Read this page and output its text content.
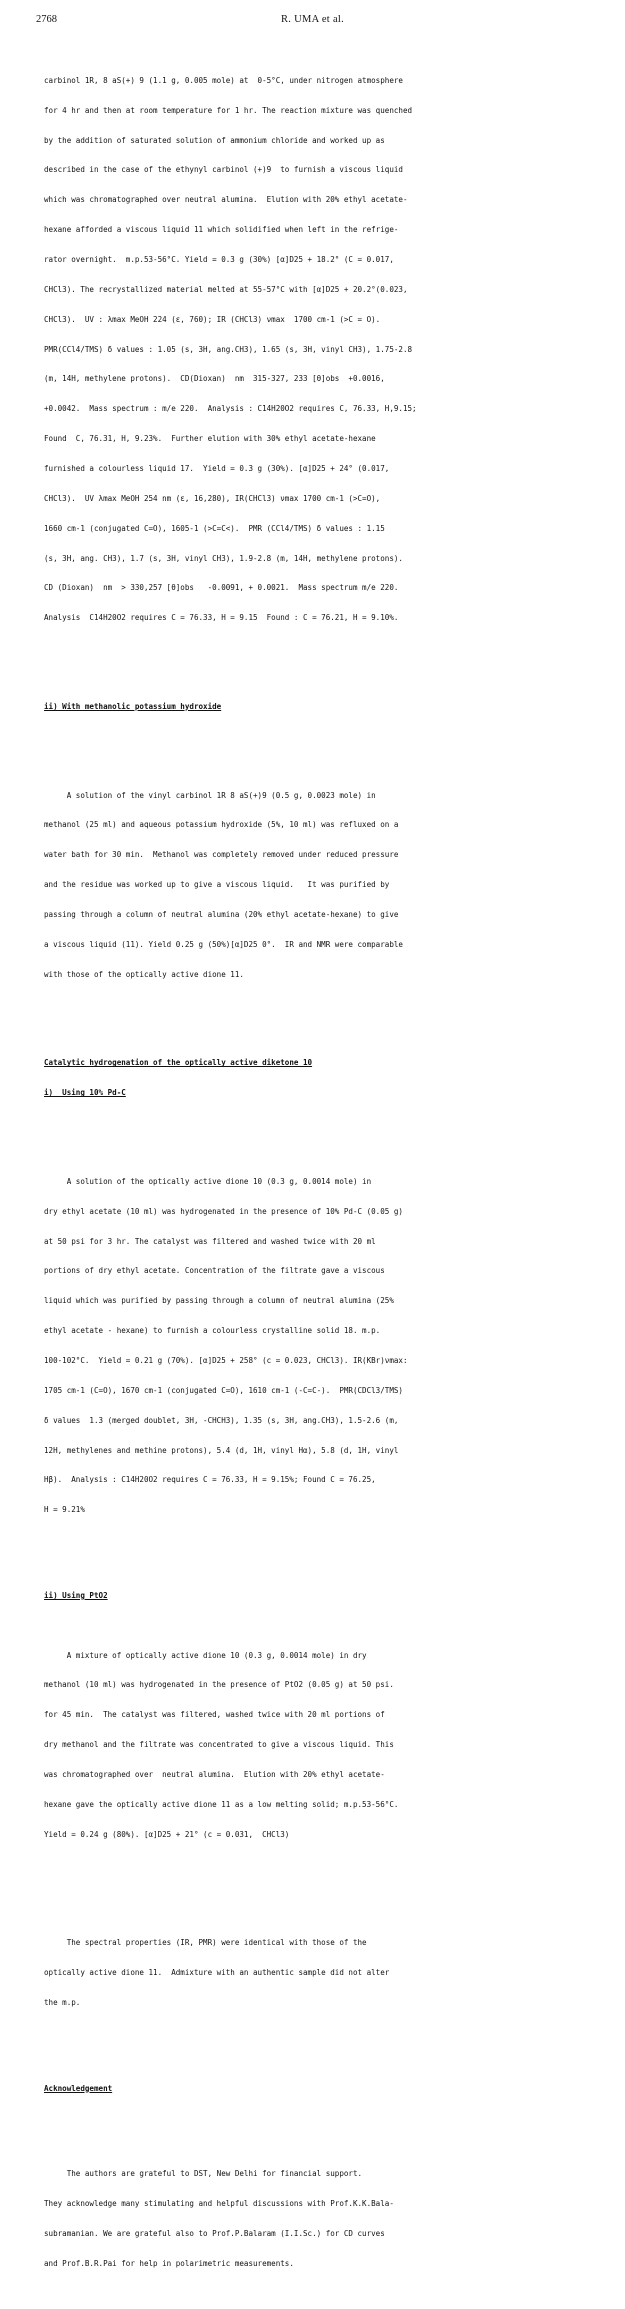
2768	R. UMA et al.

carbinol 1R, 8 aS(+) 9 (1.1 g, 0.005 mole) at  0-5°C, under nitrogen atmosphere

for 4 hr and then at room temperature for 1 hr. The reaction mixture was quenched

by the addition of saturated solution of ammonium chloride and worked up as

described in the case of the ethynyl carbinol (+)9  to furnish a viscous liquid

which was chromatographed over neutral alumina.  Elution with 20% ethyl acetate-

hexane afforded a viscous liquid 11 which solidified when left in the refrige-

rator overnight.  m.p.53-56°C. Yield = 0.3 g (30%) [α]D25 + 18.2° (C = 0.017,

CHCl3). The recrystallized material melted at 55-57°C with [α]D25 + 20.2°(0.023,

CHCl3).  UV : λmax MeOH 224 (ε, 760); IR (CHCl3) νmax  1700 cm-1 (>C = O).

PMR(CCl4/TMS) δ values : 1.05 (s, 3H, ang.CH3), 1.65 (s, 3H, vinyl CH3), 1.75-2.8

(m, 14H, methylene protons).  CD(Dioxan)  nm  315-327, 233 [θ]obs  +0.0016,

+0.0042.  Mass spectrum : m/e 220.  Analysis : C14H20O2 requires C, 76.33, H,9.15;

Found  C, 76.31, H, 9.23%.  Further elution with 30% ethyl acetate-hexane

furnished a colourless liquid 17.  Yield = 0.3 g (30%). [α]D25 + 24° (0.017,

CHCl3).  UV λmax MeOH 254 nm (ε, 16,280), IR(CHCl3) νmax 1700 cm-1 (>C=O),

1660 cm-1 (conjugated C=O), 1605-1 (>C=C<).  PMR (CCl4/TMS) δ values : 1.15

(s, 3H, ang. CH3), 1.7 (s, 3H, vinyl CH3), 1.9-2.8 (m, 14H, methylene protons).

CD (Dioxan)  nm  > 330,257 [θ]obs   -0.0091, + 0.0021.  Mass spectrum m/e 220.

Analysis  C14H20O2 requires C = 76.33, H = 9.15  Found : C = 76.21, H = 9.10%.

ii) With methanolic potassium hydroxide

A solution of the vinyl carbinol 1R 8 aS(+)9 (0.5 g, 0.0023 mole) in

methanol (25 ml) and aqueous potassium hydroxide (5%, 10 ml) was refluxed on a

water bath for 30 min.  Methanol was completely removed under reduced pressure

and the residue was worked up to give a viscous liquid.   It was purified by

passing through a column of neutral alumina (20% ethyl acetate-hexane) to give

a viscous liquid (11). Yield 0.25 g (50%)[α]D25 0°.  IR and NMR were comparable

with those of the optically active dione 11.

Catalytic hydrogenation of the optically active diketone 10

i)  Using 10% Pd-C

A solution of the optically active dione 10 (0.3 g, 0.0014 mole) in

dry ethyl acetate (10 ml) was hydrogenated in the presence of 10% Pd-C (0.05 g)

at 50 psi for 3 hr. The catalyst was filtered and washed twice with 20 ml

portions of dry ethyl acetate. Concentration of the filtrate gave a viscous

liquid which was purified by passing through a column of neutral alumina (25%

ethyl acetate - hexane) to furnish a colourless crystalline solid 18. m.p.

100-102°C.  Yield = 0.21 g (70%). [α]D25 + 258° (c = 0.023, CHCl3). IR(KBr)νmax:

1705 cm-1 (C=O), 1670 cm-1 (conjugated C=O), 1610 cm-1 (-C=C-).  PMR(CDCl3/TMS)

δ values  1.3 (merged doublet, 3H, -CHCH3), 1.35 (s, 3H, ang.CH3), 1.5-2.6 (m,

12H, methylenes and methine protons), 5.4 (d, 1H, vinyl Hα), 5.8 (d, 1H, vinyl

Hβ).  Analysis : C14H20O2 requires C = 76.33, H = 9.15%; Found C = 76.25,

H = 9.21%

ii) Using PtO2

A mixture of optically active dione 10 (0.3 g, 0.0014 mole) in dry

methanol (10 ml) was hydrogenated in the presence of PtO2 (0.05 g) at 50 psi.

for 45 min.  The catalyst was filtered, washed twice with 20 ml portions of

dry methanol and the filtrate was concentrated to give a viscous liquid. This

was chromatographed over  neutral alumina.  Elution with 20% ethyl acetate-

hexane gave the optically active dione 11 as a low melting solid; m.p.53-56°C.

Yield = 0.24 g (80%). [α]D25 + 21° (c = 0.031,  CHCl3)

The spectral properties (IR, PMR) were identical with those of the

optically active dione 11.  Admixture with an authentic sample did not alter

the m.p.

Acknowledgement

The authors are grateful to DST, New Delhi for financial support.

They acknowledge many stimulating and helpful discussions with Prof.K.K.Bala-

subramanian. We are grateful also to Prof.P.Balaram (I.I.Sc.) for CD curves

and Prof.B.R.Pai for help in polarimetric measurements.
